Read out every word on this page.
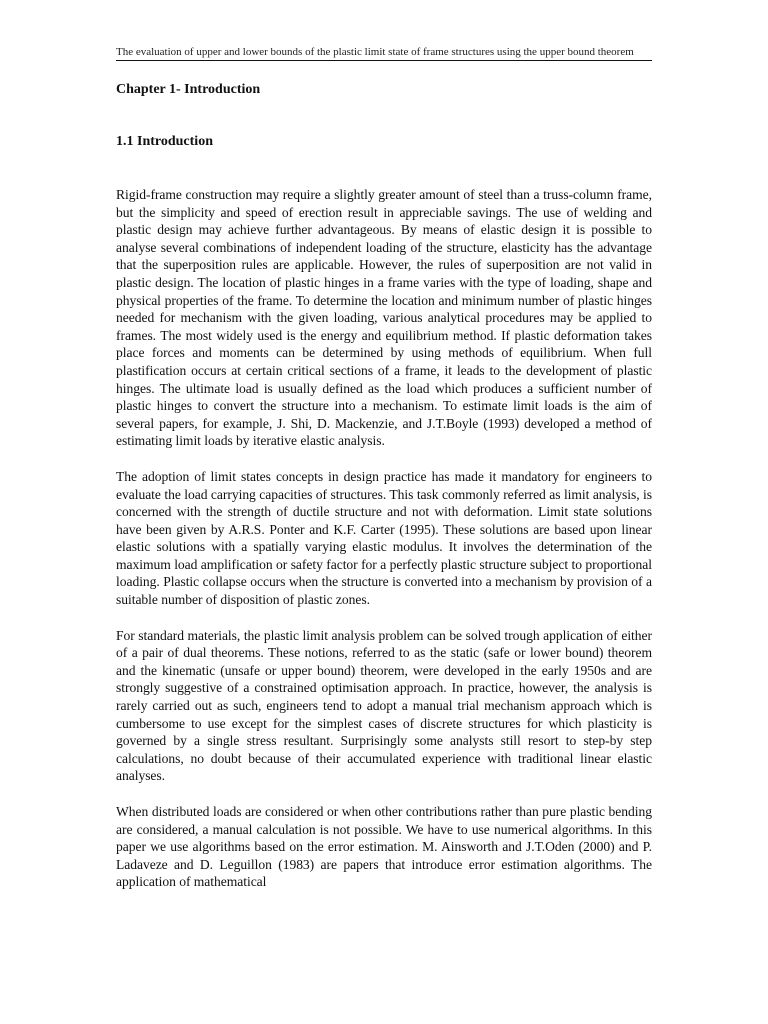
The evaluation of upper and lower bounds of the plastic limit state of frame structures using the upper bound theorem
Chapter 1- Introduction
1.1 Introduction

Rigid-frame construction may require a slightly greater amount of steel than a truss-column frame, but the simplicity and speed of erection result in appreciable savings. The use of welding and plastic design may achieve further advantageous. By means of elastic design it is possible to analyse several combinations of independent loading of the structure, elasticity has the advantage that the superposition rules are applicable. However, the rules of superposition are not valid in plastic design. The location of plastic hinges in a frame varies with the type of loading, shape and physical properties of the frame. To determine the location and minimum number of plastic hinges needed for mechanism with the given loading, various analytical procedures may be applied to frames. The most widely used is the energy and equilibrium method. If plastic deformation takes place forces and moments can be determined by using methods of equilibrium. When full plastification occurs at certain critical sections of a frame, it leads to the development of plastic hinges. The ultimate load is usually defined as the load which produces a sufficient number of plastic hinges to convert the structure into a mechanism. To estimate limit loads is the aim of several papers, for example, J. Shi, D. Mackenzie, and J.T.Boyle (1993) developed a method of estimating limit loads by iterative elastic analysis.

The adoption of limit states concepts in design practice has made it mandatory for engineers to evaluate the load carrying capacities of structures. This task commonly referred as limit analysis, is concerned with the strength of ductile structure and not with deformation. Limit state solutions have been given by A.R.S. Ponter and K.F. Carter (1995). These solutions are based upon linear elastic solutions with a spatially varying elastic modulus. It involves the determination of the maximum load amplification or safety factor for a perfectly plastic structure subject to proportional loading. Plastic collapse occurs when the structure is converted into a mechanism by provision of a suitable number of disposition of plastic zones.

For standard materials, the plastic limit analysis problem can be solved trough application of either of a pair of dual theorems. These notions, referred to as the static (safe or lower bound) theorem and the kinematic (unsafe or upper bound) theorem, were developed in the early 1950s and are strongly suggestive of a constrained optimisation approach. In practice, however, the analysis is rarely carried out as such, engineers tend to adopt a manual trial mechanism approach which is cumbersome to use except for the simplest cases of discrete structures for which plasticity is governed by a single stress resultant. Surprisingly some analysts still resort to step-by step calculations, no doubt because of their accumulated experience with traditional linear elastic analyses.

When distributed loads are considered or when other contributions rather than pure plastic bending are considered, a manual calculation is not possible. We have to use numerical algorithms. In this paper we use algorithms based on the error estimation. M. Ainsworth and J.T.Oden (2000) and P. Ladaveze and D. Leguillon (1983) are papers that introduce error estimation algorithms. The application of mathematical
